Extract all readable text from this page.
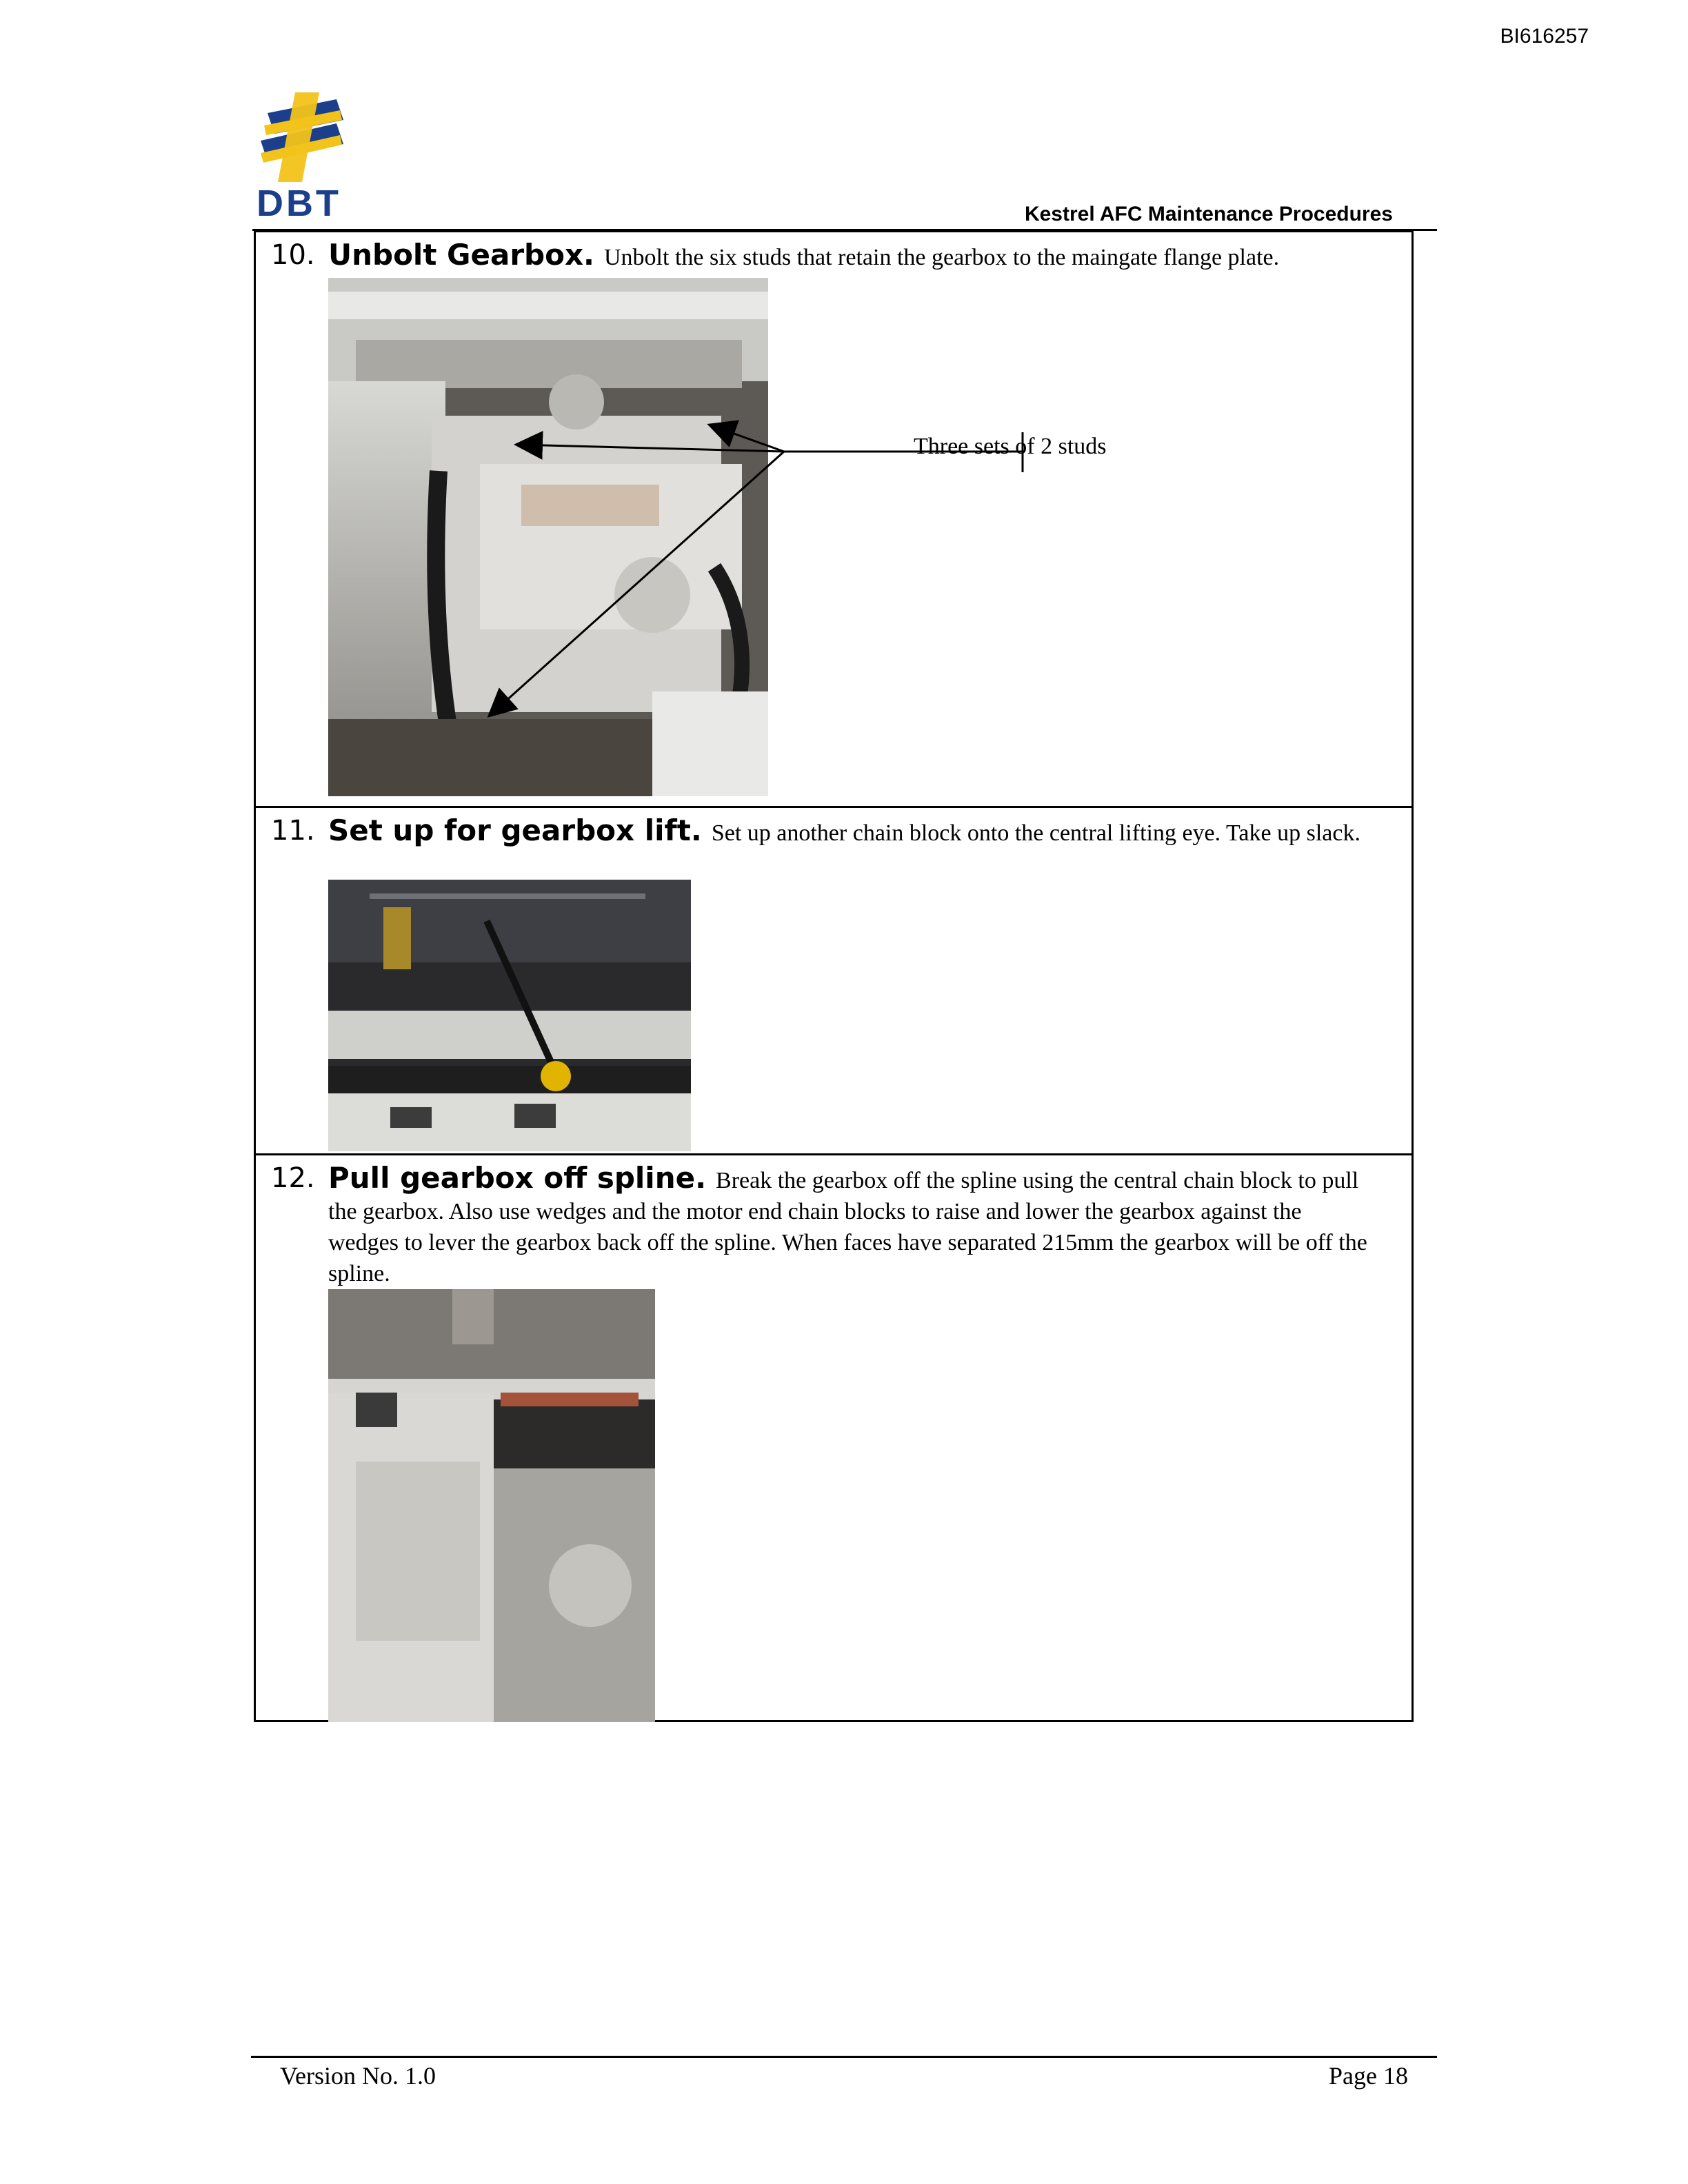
BI616257
DBT	Kestrel AFC Maintenance Procedures
10. Unbolt Gearbox. Unbolt the six studs that retain the gearbox to the maingate flange plate.
Three sets of 2 studs
11. Set up for gearbox lift. Set up another chain block onto the central lifting eye. Take up slack.
12. Pull gearbox off spline. Break the gearbox off the spline using the central chain block to pull the gearbox. Also use wedges and the motor end chain blocks to raise and lower the gearbox against the wedges to lever the gearbox back off the spline. When faces have separated 215mm the gearbox will be off the spline.
Version No. 1.0	Page 18
